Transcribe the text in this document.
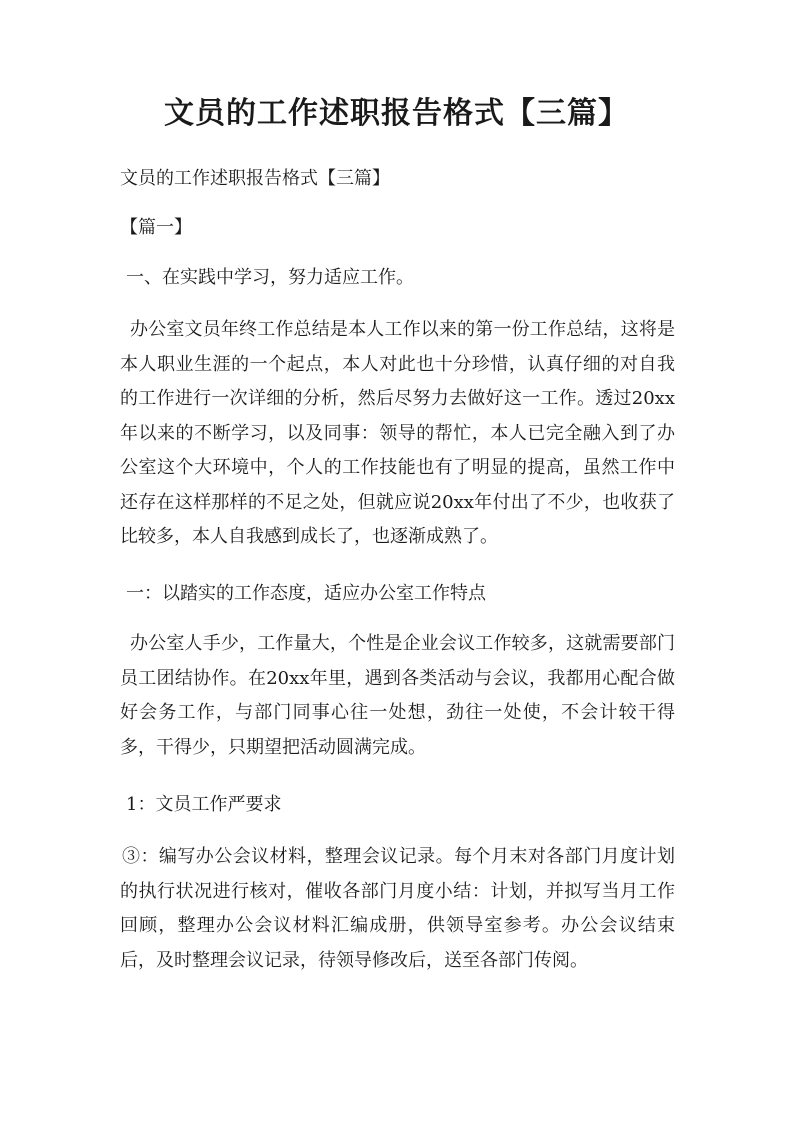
文员的工作述职报告格式【三篇】

文员的工作述职报告格式【三篇】

【篇一】

一、在实践中学习，努力适应工作。

办公室文员年终工作总结是本人工作以来的第一份工作总结，这将是本人职业生涯的一个起点，本人对此也十分珍惜，认真仔细的对自我的工作进行一次详细的分析，然后尽努力去做好这一工作。透过20xx年以来的不断学习，以及同事：领导的帮忙，本人已完全融入到了办公室这个大环境中，个人的工作技能也有了明显的提高，虽然工作中还存在这样那样的不足之处，但就应说20xx年付出了不少，也收获了比较多，本人自我感到成长了，也逐渐成熟了。

一：以踏实的工作态度，适应办公室工作特点

办公室人手少，工作量大，个性是企业会议工作较多，这就需要部门员工团结协作。在20xx年里，遇到各类活动与会议，我都用心配合做好会务工作，与部门同事心往一处想，劲往一处使，不会计较干得多，干得少，只期望把活动圆满完成。

1：文员工作严要求

③：编写办公会议材料，整理会议记录。每个月末对各部门月度计划的执行状况进行核对，催收各部门月度小结：计划，并拟写当月工作回顾，整理办公会议材料汇编成册，供领导室参考。办公会议结束后，及时整理会议记录，待领导修改后，送至各部门传阅。
